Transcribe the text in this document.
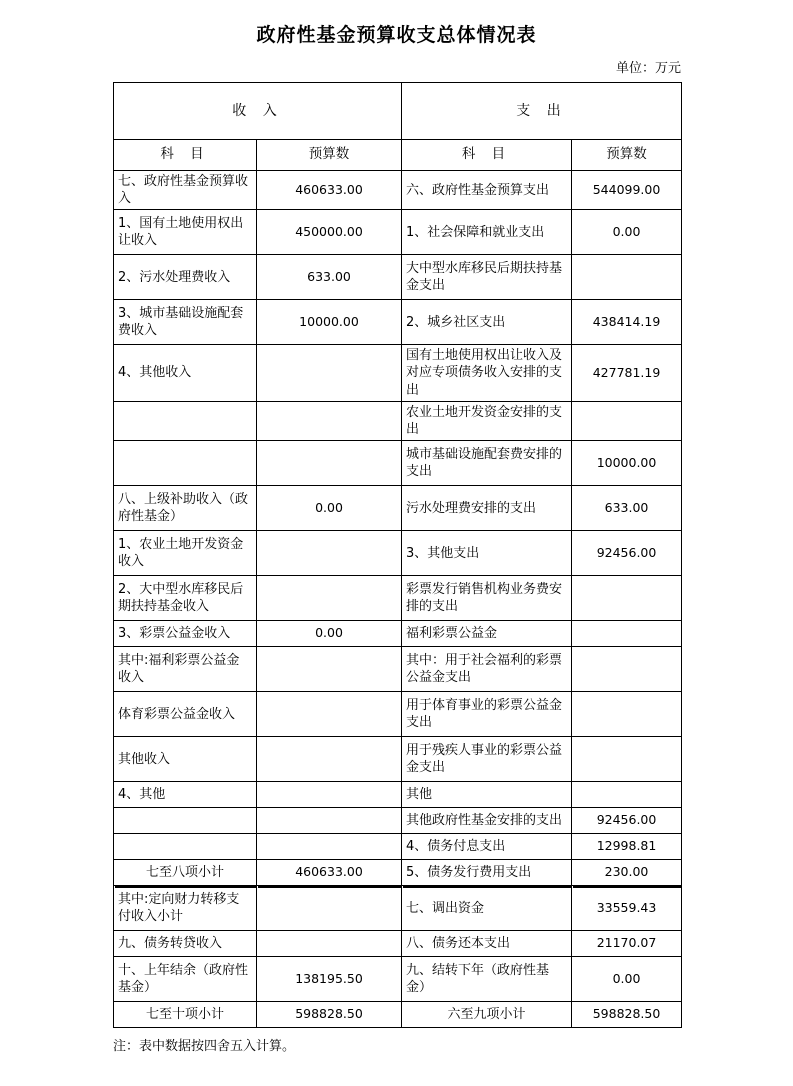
政府性基金预算收支总体情况表
单位：万元
收 入		支 出	
科 目	预算数	科 目	预算数
七、政府性基金预算收入	460633.00	六、政府性基金预算支出	544099.00
1、国有土地使用权出让收入	450000.00	1、社会保障和就业支出	0.00
2、污水处理费收入	633.00	大中型水库移民后期扶持基金支出	
3、城市基础设施配套费收入	10000.00	2、城乡社区支出	438414.19
4、其他收入		国有土地使用权出让收入及对应专项债务收入安排的支出	427781.19
		农业土地开发资金安排的支出	
		城市基础设施配套费安排的支出	10000.00
八、上级补助收入（政府性基金）	0.00	污水处理费安排的支出	633.00
1、农业土地开发资金收入		3、其他支出	92456.00
2、大中型水库移民后期扶持基金收入		彩票发行销售机构业务费安排的支出	
3、彩票公益金收入	0.00	福利彩票公益金	
其中:福利彩票公益金收入		其中：用于社会福利的彩票公益金支出	
体育彩票公益金收入		用于体育事业的彩票公益金支出	
其他收入		用于残疾人事业的彩票公益金支出	
4、其他		其他	
		其他政府性基金安排的支出	92456.00
		4、债务付息支出	12998.81
七至八项小计	460633.00	5、债务发行费用支出	230.00
其中:定向财力转移支付收入小计		七、调出资金	33559.43
九、债务转贷收入		八、债务还本支出	21170.07
十、上年结余（政府性基金）	138195.50	九、结转下年（政府性基金）	0.00
七至十项小计	598828.50	六至九项小计	598828.50
注：表中数据按四舍五入计算。
